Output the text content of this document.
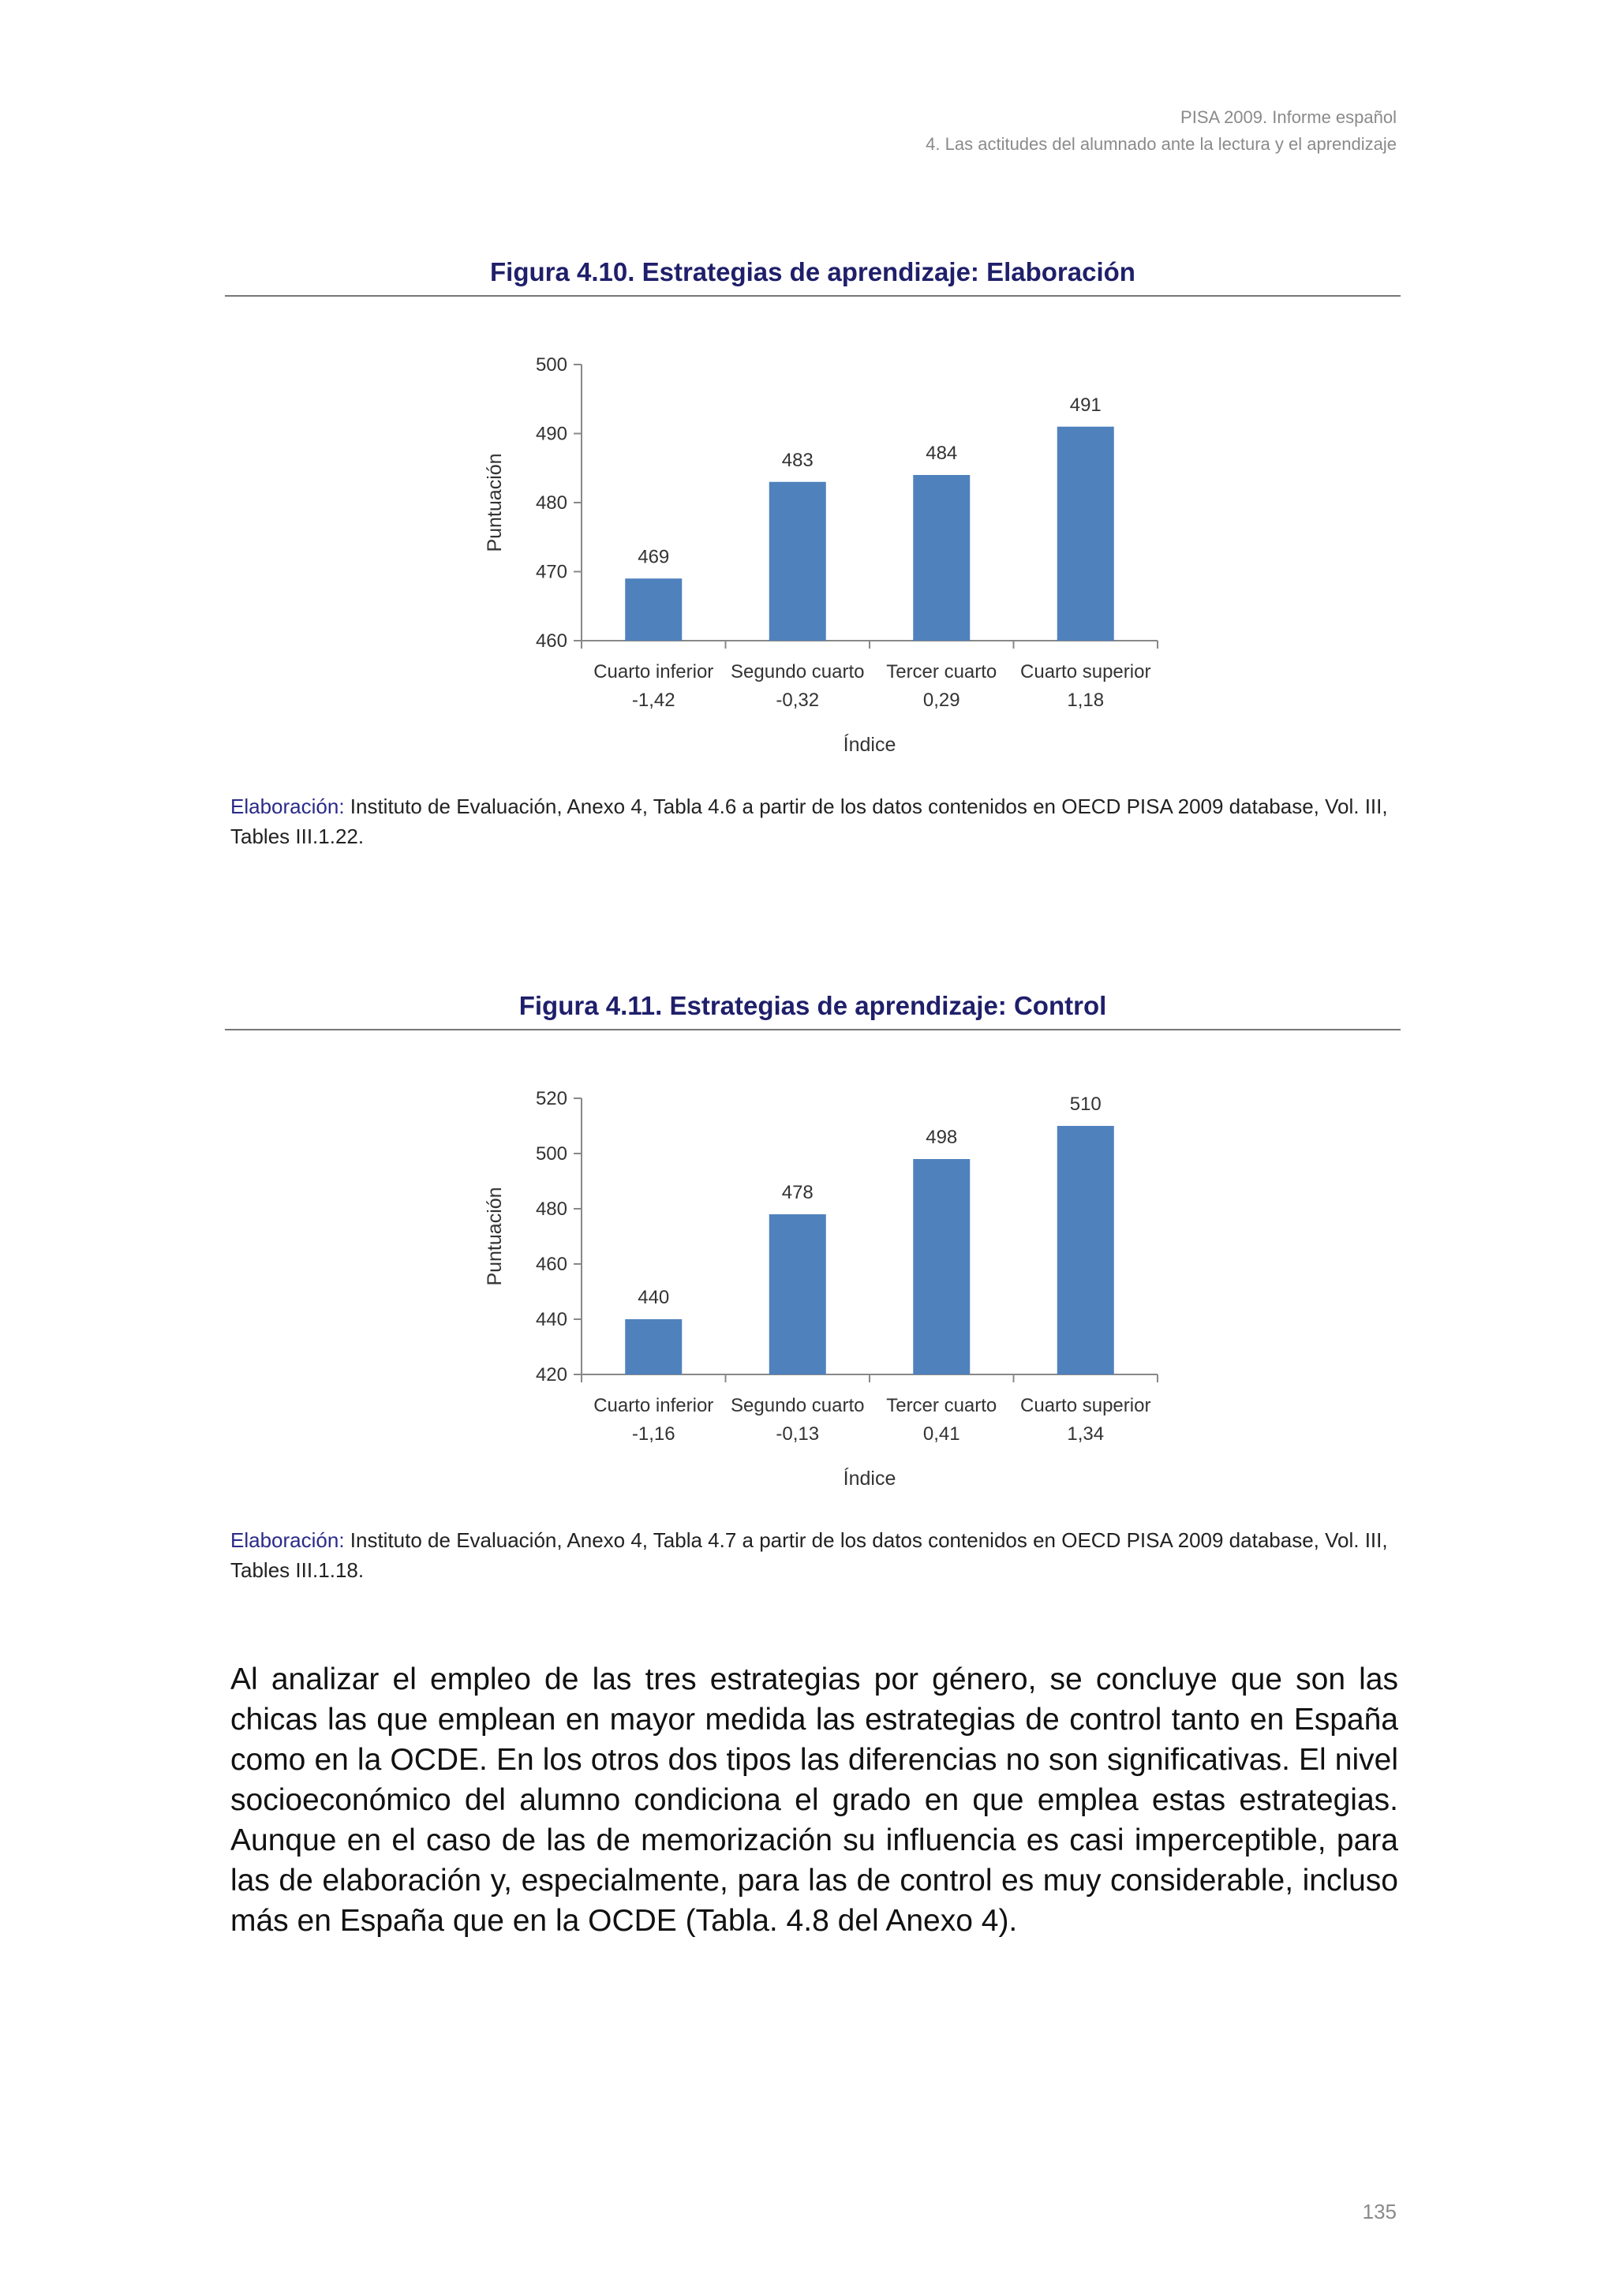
PISA 2009. Informe español
4. Las actitudes del alumnado ante la lectura y el aprendizaje
Figura 4.10. Estrategias de aprendizaje: Elaboración
460
470
480
490
500
469
Cuarto inferior
-1,42
483
Segundo cuarto
-0,32
484
Tercer cuarto
0,29
491
Cuarto superior
1,18
Índice
Puntuación
Elaboración: Instituto de Evaluación, Anexo 4, Tabla 4.6 a partir de los datos contenidos en OECD PISA 2009 database, Vol. III, Tables III.1.22.
Figura 4.11. Estrategias de aprendizaje: Control
420
440
460
480
500
520
440
Cuarto inferior
-1,16
478
Segundo cuarto
-0,13
498
Tercer cuarto
0,41
510
Cuarto superior
1,34
Índice
Puntuación
Elaboración: Instituto de Evaluación, Anexo 4, Tabla 4.7 a partir de los datos contenidos en OECD PISA 2009 database, Vol. III, Tables III.1.18.

Al analizar el empleo de las tres estrategias por género, se concluye que son las chicas las que emplean en mayor medida las estrategias de control tanto en España como en la OCDE. En los otros dos tipos las diferencias no son significativas. El nivel socioeconómico del alumno condiciona el grado en que emplea estas estrategias. Aunque en el caso de las de memorización su influencia es casi imperceptible, para las de elaboración y, especialmente, para las de control es muy considerable, incluso más en España que en la OCDE (Tabla. 4.8 del Anexo 4).

135
